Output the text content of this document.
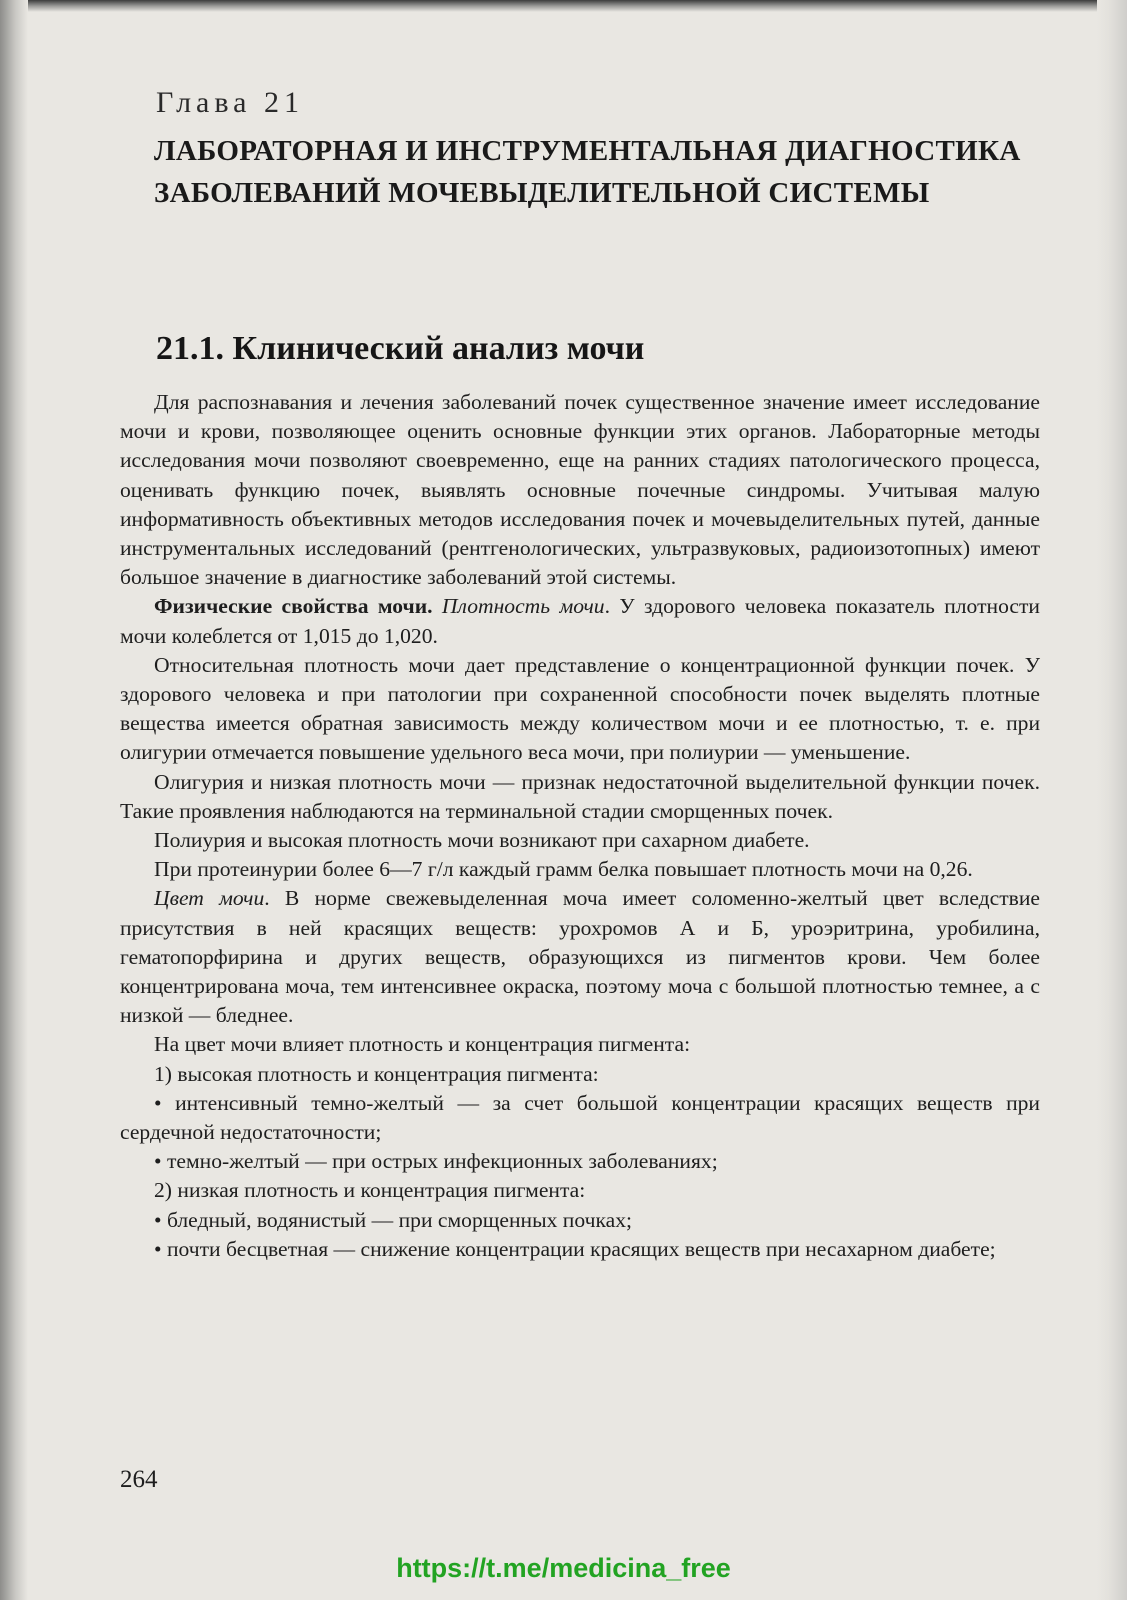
Глава 21
ЛАБОРАТОРНАЯ И ИНСТРУМЕНТАЛЬНАЯ ДИАГНОСТИКА
ЗАБОЛЕВАНИЙ МОЧЕВЫДЕЛИТЕЛЬНОЙ СИСТЕМЫ
21.1. Клинический анализ мочи

Для распознавания и лечения заболеваний почек существенное значение имеет исследование мочи и крови, позволяющее оценить основные функции этих органов. Лабораторные методы исследования мочи позволяют своевременно, еще на ранних стадиях патологического процесса, оценивать функцию почек, выявлять основные почечные синдромы. Учитывая малую информативность объективных методов исследования почек и мочевыделительных путей, данные инструментальных исследований (рентгенологических, ультразвуковых, радиоизотопных) имеют большое значение в диагностике заболеваний этой системы.

Физические свойства мочи. Плотность мочи. У здорового человека показатель плотности мочи колеблется от 1,015 до 1,020.

Относительная плотность мочи дает представление о концентрационной функции почек. У здорового человека и при патологии при сохраненной способности почек выделять плотные вещества имеется обратная зависимость между количеством мочи и ее плотностью, т. е. при олигурии отмечается повышение удельного веса мочи, при полиурии — уменьшение.

Олигурия и низкая плотность мочи — признак недостаточной выделительной функции почек. Такие проявления наблюдаются на терминальной стадии сморщенных почек.

Полиурия и высокая плотность мочи возникают при сахарном диабете.

При протеинурии более 6—7 г/л каждый грамм белка повышает плотность мочи на 0,26.

Цвет мочи. В норме свежевыделенная моча имеет соломенно-желтый цвет вследствие присутствия в ней красящих веществ: урохромов А и Б, уроэритрина, уробилина, гематопорфирина и других веществ, образующихся из пигментов крови. Чем более концентрирована моча, тем интенсивнее окраска, поэтому моча с большой плотностью темнее, а с низкой — бледнее.

На цвет мочи влияет плотность и концентрация пигмента:

1) высокая плотность и концентрация пигмента:

• интенсивный темно-желтый — за счет большой концентрации красящих веществ при сердечной недостаточности;

• темно-желтый — при острых инфекционных заболеваниях;

2) низкая плотность и концентрация пигмента:

• бледный, водянистый — при сморщенных почках;

• почти бесцветная — снижение концентрации красящих веществ при несахарном диабете;

264
https://t.me/medicina_free
